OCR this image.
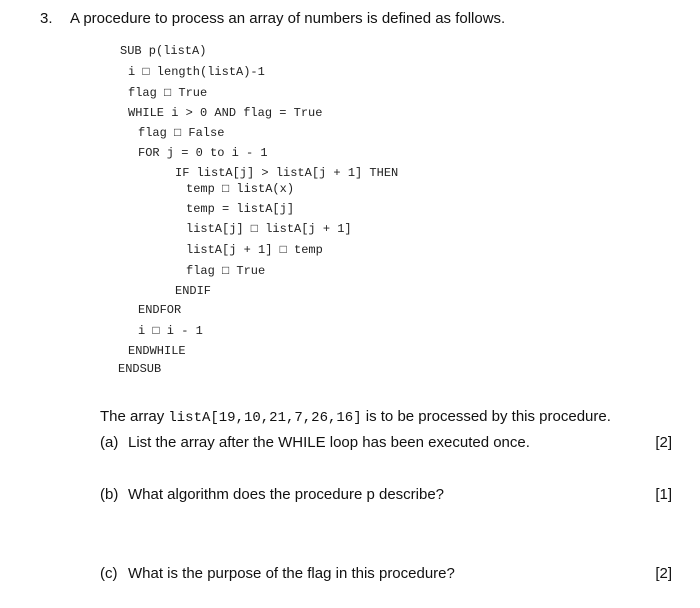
3. A procedure to process an array of numbers is defined as follows.
SUB p(listA)
i □ length(listA)-1
flag □ True
WHILE i > 0 AND flag = True
flag □ False
FOR j = 0 to i - 1
IF listA[j] > listA[j + 1] THEN
temp □ listA(x)
temp = listA[j]
listA[j] □ listA[j + 1]
listA[j + 1] □ temp
flag □ True
ENDIF
ENDFOR
i □ i - 1
ENDWHILE
ENDSUB
The array listA[19,10,21,7,26,16] is to be processed by this procedure.
(a) List the array after the WHILE loop has been executed once.	[2]
(b) What algorithm does the procedure p describe?	[1]
(c) What is the purpose of the flag in this procedure?	[2]
